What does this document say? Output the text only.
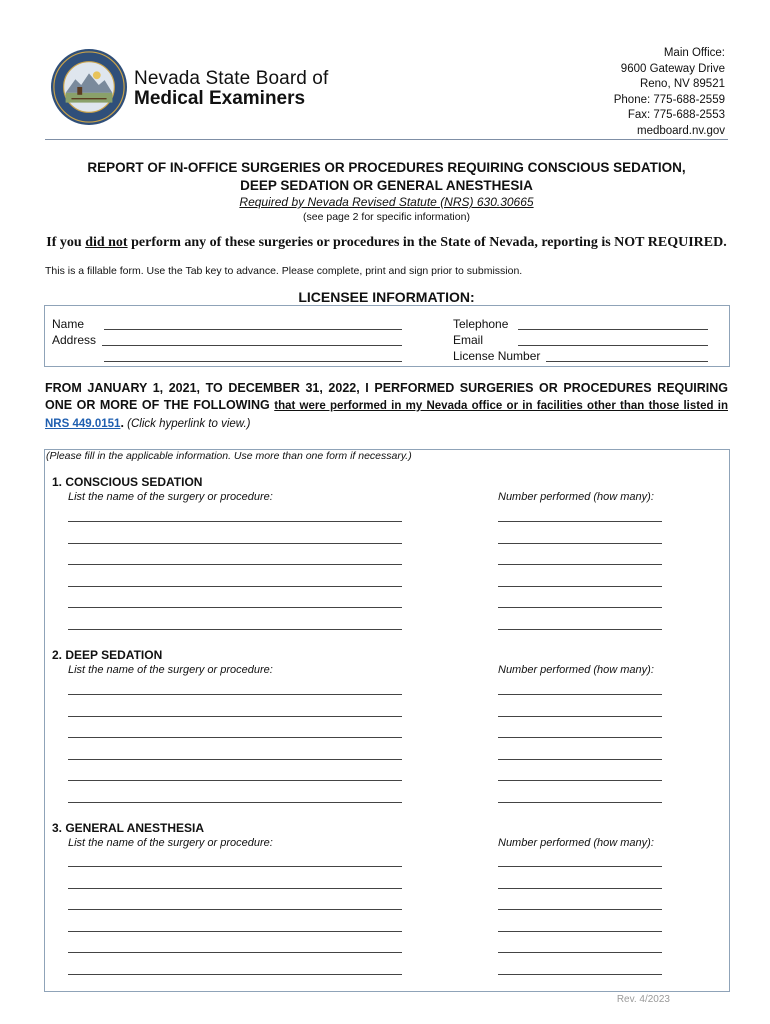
Nevada State Board of
Medical Examiners
Main Office:
9600 Gateway Drive
Reno, NV 89521
Phone: 775-688-2559
Fax: 775-688-2553
medboard.nv.gov
REPORT OF IN-OFFICE SURGERIES OR PROCEDURES REQUIRING CONSCIOUS SEDATION,
DEEP SEDATION OR GENERAL ANESTHESIA
Required by Nevada Revised Statute (NRS) 630.30665
(see page 2 for specific information)
If you did not perform any of these surgeries or procedures in the State of Nevada, reporting is NOT REQUIRED.
This is a fillable form. Use the Tab key to advance. Please complete, print and sign prior to submission.
LICENSEE INFORMATION:
Name
Address
Telephone
Email
License Number
FROM JANUARY 1, 2021, TO DECEMBER 31, 2022, I PERFORMED SURGERIES OR PROCEDURES REQUIRING ONE OR MORE OF THE FOLLOWING that were performed in my Nevada office or in facilities other than those listed in NRS 449.0151. (Click hyperlink to view.)
(Please fill in the applicable information. Use more than one form if necessary.)
1. CONSCIOUS SEDATION
List the name of the surgery or procedure:	Number performed (how many):
2. DEEP SEDATION
List the name of the surgery or procedure:	Number performed (how many):
3. GENERAL ANESTHESIA
List the name of the surgery or procedure:	Number performed (how many):
Rev. 4/2023
